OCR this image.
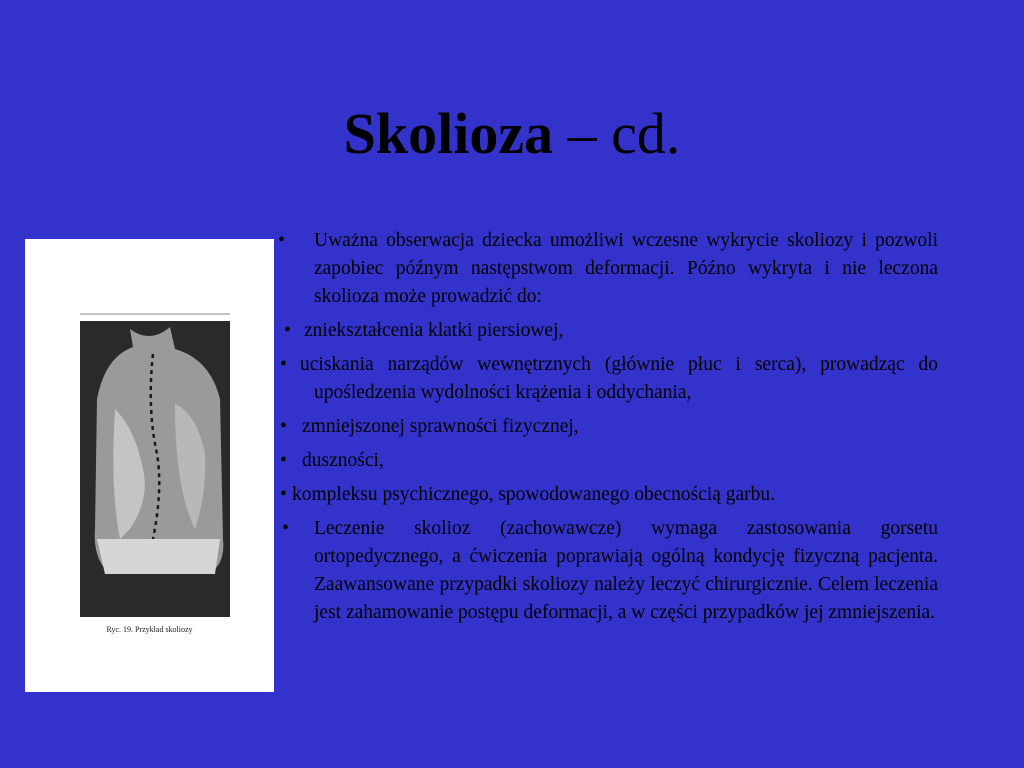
Skolioza – cd.
Ryc. 19. Przykład skoliozy
• Uważna obserwacja dziecka umożliwi wczesne wykrycie skoliozy i pozwoli zapobiec późnym następstwom deformacji. Późno wykryta i nie leczona skolioza może prowadzić do:
• zniekształcenia klatki piersiowej,
• uciskania narządów wewnętrznych (głównie płuc i serca), prowadząc do upośledzenia wydolności krążenia i oddychania,
• zmniejszonej sprawności fizycznej,
• duszności,
• kompleksu psychicznego, spowodowanego obecnością garbu.
• Leczenie skolioz (zachowawcze) wymaga zastosowania gorsetu ortopedycznego, a ćwiczenia poprawiają ogólną kondycję fizyczną pacjenta. Zaawansowane przypadki skoliozy należy leczyć chirurgicznie. Celem leczenia jest zahamowanie postępu deformacji, a w części przypadków jej zmniejszenia.
